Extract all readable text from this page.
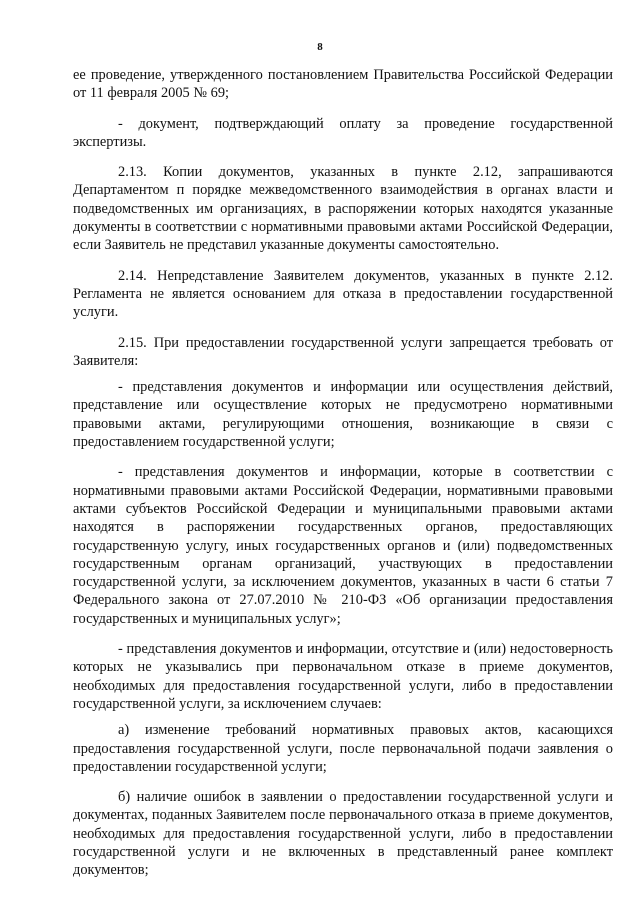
8

ее проведение, утвержденного постановлением Правительства Российской Федерации от 11 февраля 2005 № 69;

- документ, подтверждающий оплату за проведение государственной экспертизы.

2.13. Копии документов, указанных в пункте 2.12, запрашиваются Департаментом п порядке межведомственного взаимодействия в органах власти и подведомственных им организациях, в распоряжении которых находятся указанные документы в соответствии с нормативными правовыми актами Российской Федерации, если Заявитель не представил указанные документы самостоятельно.

2.14. Непредставление Заявителем документов, указанных в пункте 2.12. Регламента не является основанием для отказа в предоставлении государственной услуги.

2.15. При предоставлении государственной услуги запрещается требовать от Заявителя:

- представления документов и информации или осуществления действий, представление или осуществление которых не предусмотрено нормативными правовыми актами, регулирующими отношения, возникающие в связи с предоставлением государственной услуги;

- представления документов и информации, которые в соответствии с нормативными правовыми актами Российской Федерации, нормативными правовыми актами субъектов Российской Федерации и муниципальными правовыми актами находятся в распоряжении государственных органов, предоставляющих государственную услугу, иных государственных органов и (или) подведомственных государственным органам организаций, участвующих в предоставлении государственной услуги, за исключением документов, указанных в части 6 статьи 7 Федерального закона от 27.07.2010 № 210-ФЗ «Об организации предоставления государственных и муниципальных услуг»;

- представления документов и информации, отсутствие и (или) недостоверность которых не указывались при первоначальном отказе в приеме документов, необходимых для предоставления государственной услуги, либо в предоставлении государственной услуги, за исключением случаев:

а) изменение требований нормативных правовых актов, касающихся предоставления государственной услуги, после первоначальной подачи заявления о предоставлении государственной услуги;

б) наличие ошибок в заявлении о предоставлении государственной услуги и документах, поданных Заявителем после первоначального отказа в приеме документов, необходимых для предоставления государственной услуги, либо в предоставлении государственной услуги и не включенных в представленный ранее комплект документов;
